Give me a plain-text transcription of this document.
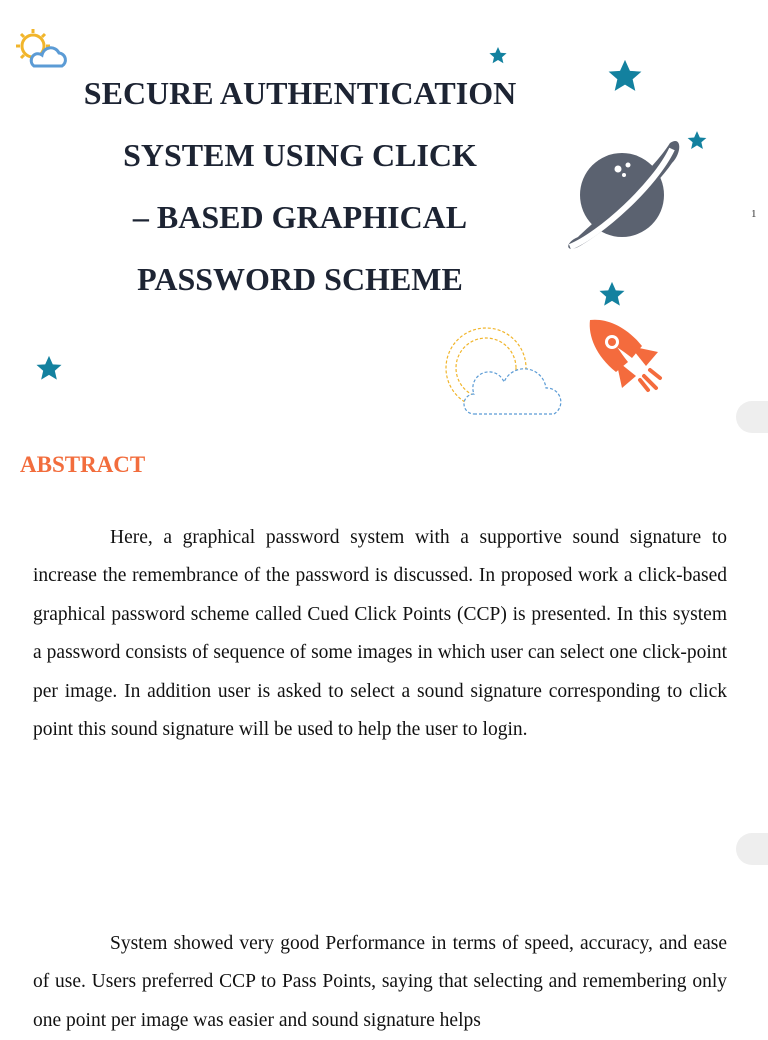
SECURE AUTHENTICATION
SYSTEM USING CLICK
– BASED GRAPHICAL
PASSWORD SCHEME
1
ABSTRACT

Here, a graphical password system with a supportive sound signature to increase the remembrance of the password is discussed. In proposed work a click-based graphical password scheme called Cued Click Points (CCP) is presented. In this system a password consists of sequence of some images in which user can select one click-point per image. In addition user is asked to select a sound signature corresponding to click point this sound signature will be used to help the user to login.

System showed very good Performance in terms of speed, accuracy, and ease of use. Users preferred CCP to Pass Points, saying that selecting and remembering only one point per image was easier and sound signature helps
